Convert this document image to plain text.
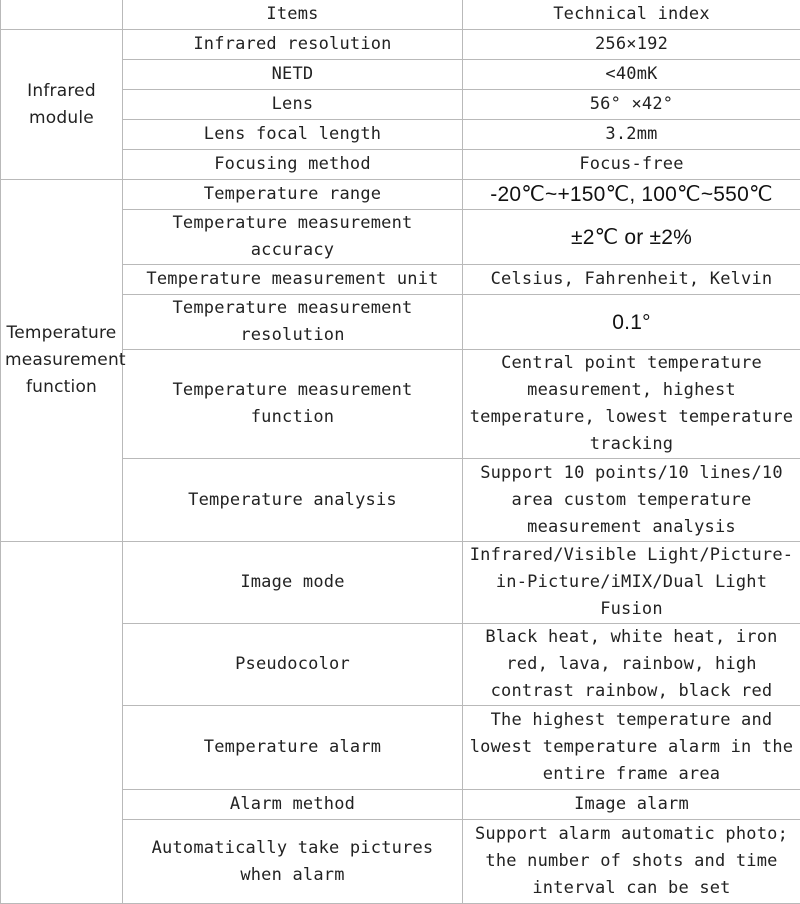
	Items	Technical index
Infrared
module	Infrared resolution	256×192
	NETD	<40mK
	Lens	56° ×42°
	Lens focal length	3.2mm
	Focusing method	Focus-free
Temperature
measurement
function	Temperature range	-20℃~+150℃, 100℃~550℃
	Temperature measurement accuracy	±2℃ or ±2%
	Temperature measurement unit	Celsius, Fahrenheit, Kelvin
	Temperature measurement resolution	0.1°
	Temperature measurement function	Central point temperature measurement, highest temperature, lowest temperature tracking
	Temperature analysis	Support 10 points/10 lines/10 area custom temperature measurement analysis
	Image mode	Infrared/Visible Light/Picture-in-Picture/iMIX/Dual Light Fusion
	Pseudocolor	Black heat, white heat, iron red, lava, rainbow, high contrast rainbow, black red
	Temperature alarm	The highest temperature and lowest temperature alarm in the entire frame area
	Alarm method	Image alarm
	Automatically take pictures when alarm	Support alarm automatic photo; the number of shots and time interval can be set
